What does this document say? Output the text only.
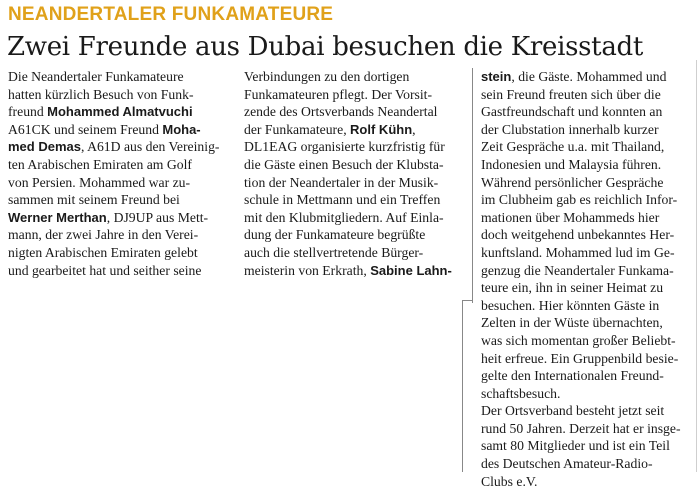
NEANDERTALER FUNKAMATEURE
Zwei Freunde aus Dubai besuchen die Kreisstadt
Die Neandertaler Funkamateure
hatten kürzlich Besuch von Funk-
freund Mohammed Almatvuchi
A61CK und seinem Freund Moha-
med Demas, A61D aus den Vereinig-
ten Arabischen Emiraten am Golf
von Persien. Mohammed war zu-
sammen mit seinem Freund bei
Werner Merthan, DJ9UP aus Mett-
mann, der zwei Jahre in den Verei-
nigten Arabischen Emiraten gelebt
und gearbeitet hat und seither seine
Verbindungen zu den dortigen
Funkamateuren pflegt. Der Vorsit-
zende des Ortsverbands Neandertal
der Funkamateure, Rolf Kühn,
DL1EAG organisierte kurzfristig für
die Gäste einen Besuch der Klubsta-
tion der Neandertaler in der Musik-
schule in Mettmann und ein Treffen
mit den Klubmitgliedern. Auf Einla-
dung der Funkamateure begrüßte
auch die stellvertretende Bürger-
meisterin von Erkrath, Sabine Lahn-
stein, die Gäste. Mohammed und
sein Freund freuten sich über die
Gastfreundschaft und konnten an
der Clubstation innerhalb kurzer
Zeit Gespräche u.a. mit Thailand,
Indonesien und Malaysia führen.
Während persönlicher Gespräche
im Clubheim gab es reichlich Infor-
mationen über Mohammeds hier
doch weitgehend unbekanntes Her-
kunftsland. Mohammed lud im Ge-
genzug die Neandertaler Funkama-
teure ein, ihn in seiner Heimat zu
besuchen. Hier könnten Gäste in
Zelten in der Wüste übernachten,
was sich momentan großer Beliebt-
heit erfreue. Ein Gruppenbild besie-
gelte den Internationalen Freund-
schaftsbesuch.
Der Ortsverband besteht jetzt seit
rund 50 Jahren. Derzeit hat er insge-
samt 80 Mitglieder und ist ein Teil
des Deutschen Amateur-Radio-
Clubs e.V.
